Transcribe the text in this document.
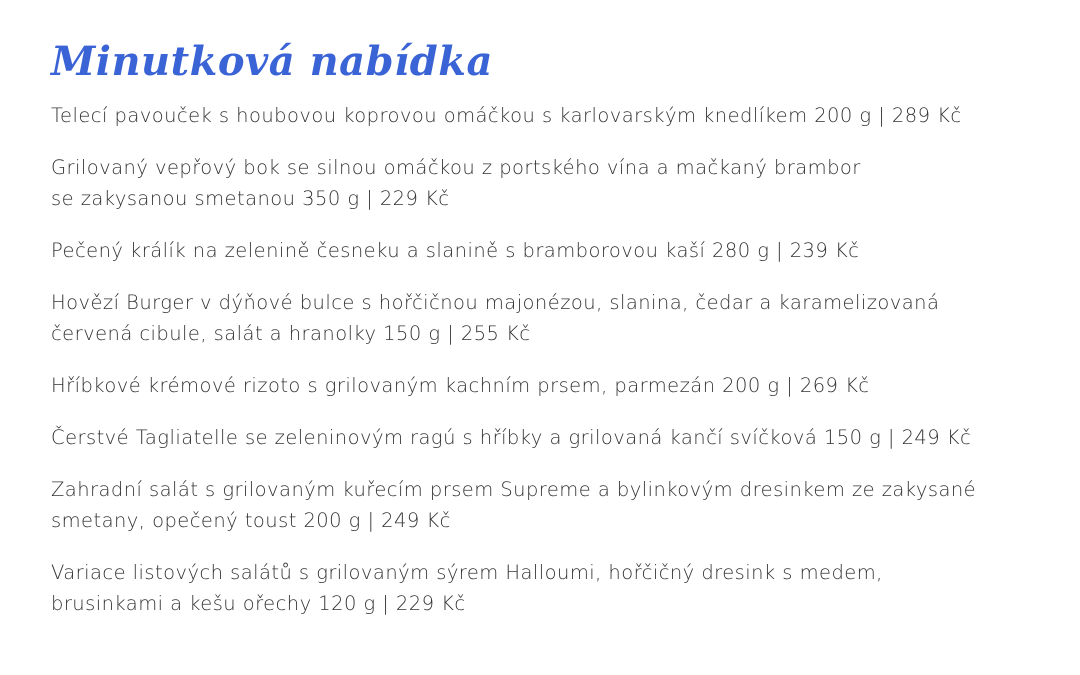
Minutková nabídka
Telecí pavouček s houbovou koprovou omáčkou s karlovarským knedlíkem 200 g | 289 Kč
Grilovaný vepřový bok se silnou omáčkou z portského vína a mačkaný brambor
se zakysanou smetanou 350 g | 229 Kč
Pečený králík na zelenině česneku a slanině s bramborovou kaší 280 g | 239 Kč
Hovězí Burger v dýňové bulce s hořčičnou majonézou, slanina, čedar a karamelizovaná
červená cibule, salát a hranolky 150 g | 255 Kč
Hříbkové krémové rizoto s grilovaným kachním prsem, parmezán 200 g | 269 Kč
Čerstvé Tagliatelle se zeleninovým ragú s hříbky a grilovaná kančí svíčková 150 g | 249 Kč
Zahradní salát s grilovaným kuřecím prsem Supreme a bylinkovým dresinkem ze zakysané
smetany, opečený toust 200 g | 249 Kč
Variace listových salátů s grilovaným sýrem Halloumi, hořčičný dresink s medem,
brusinkami a kešu ořechy 120 g | 229 Kč
